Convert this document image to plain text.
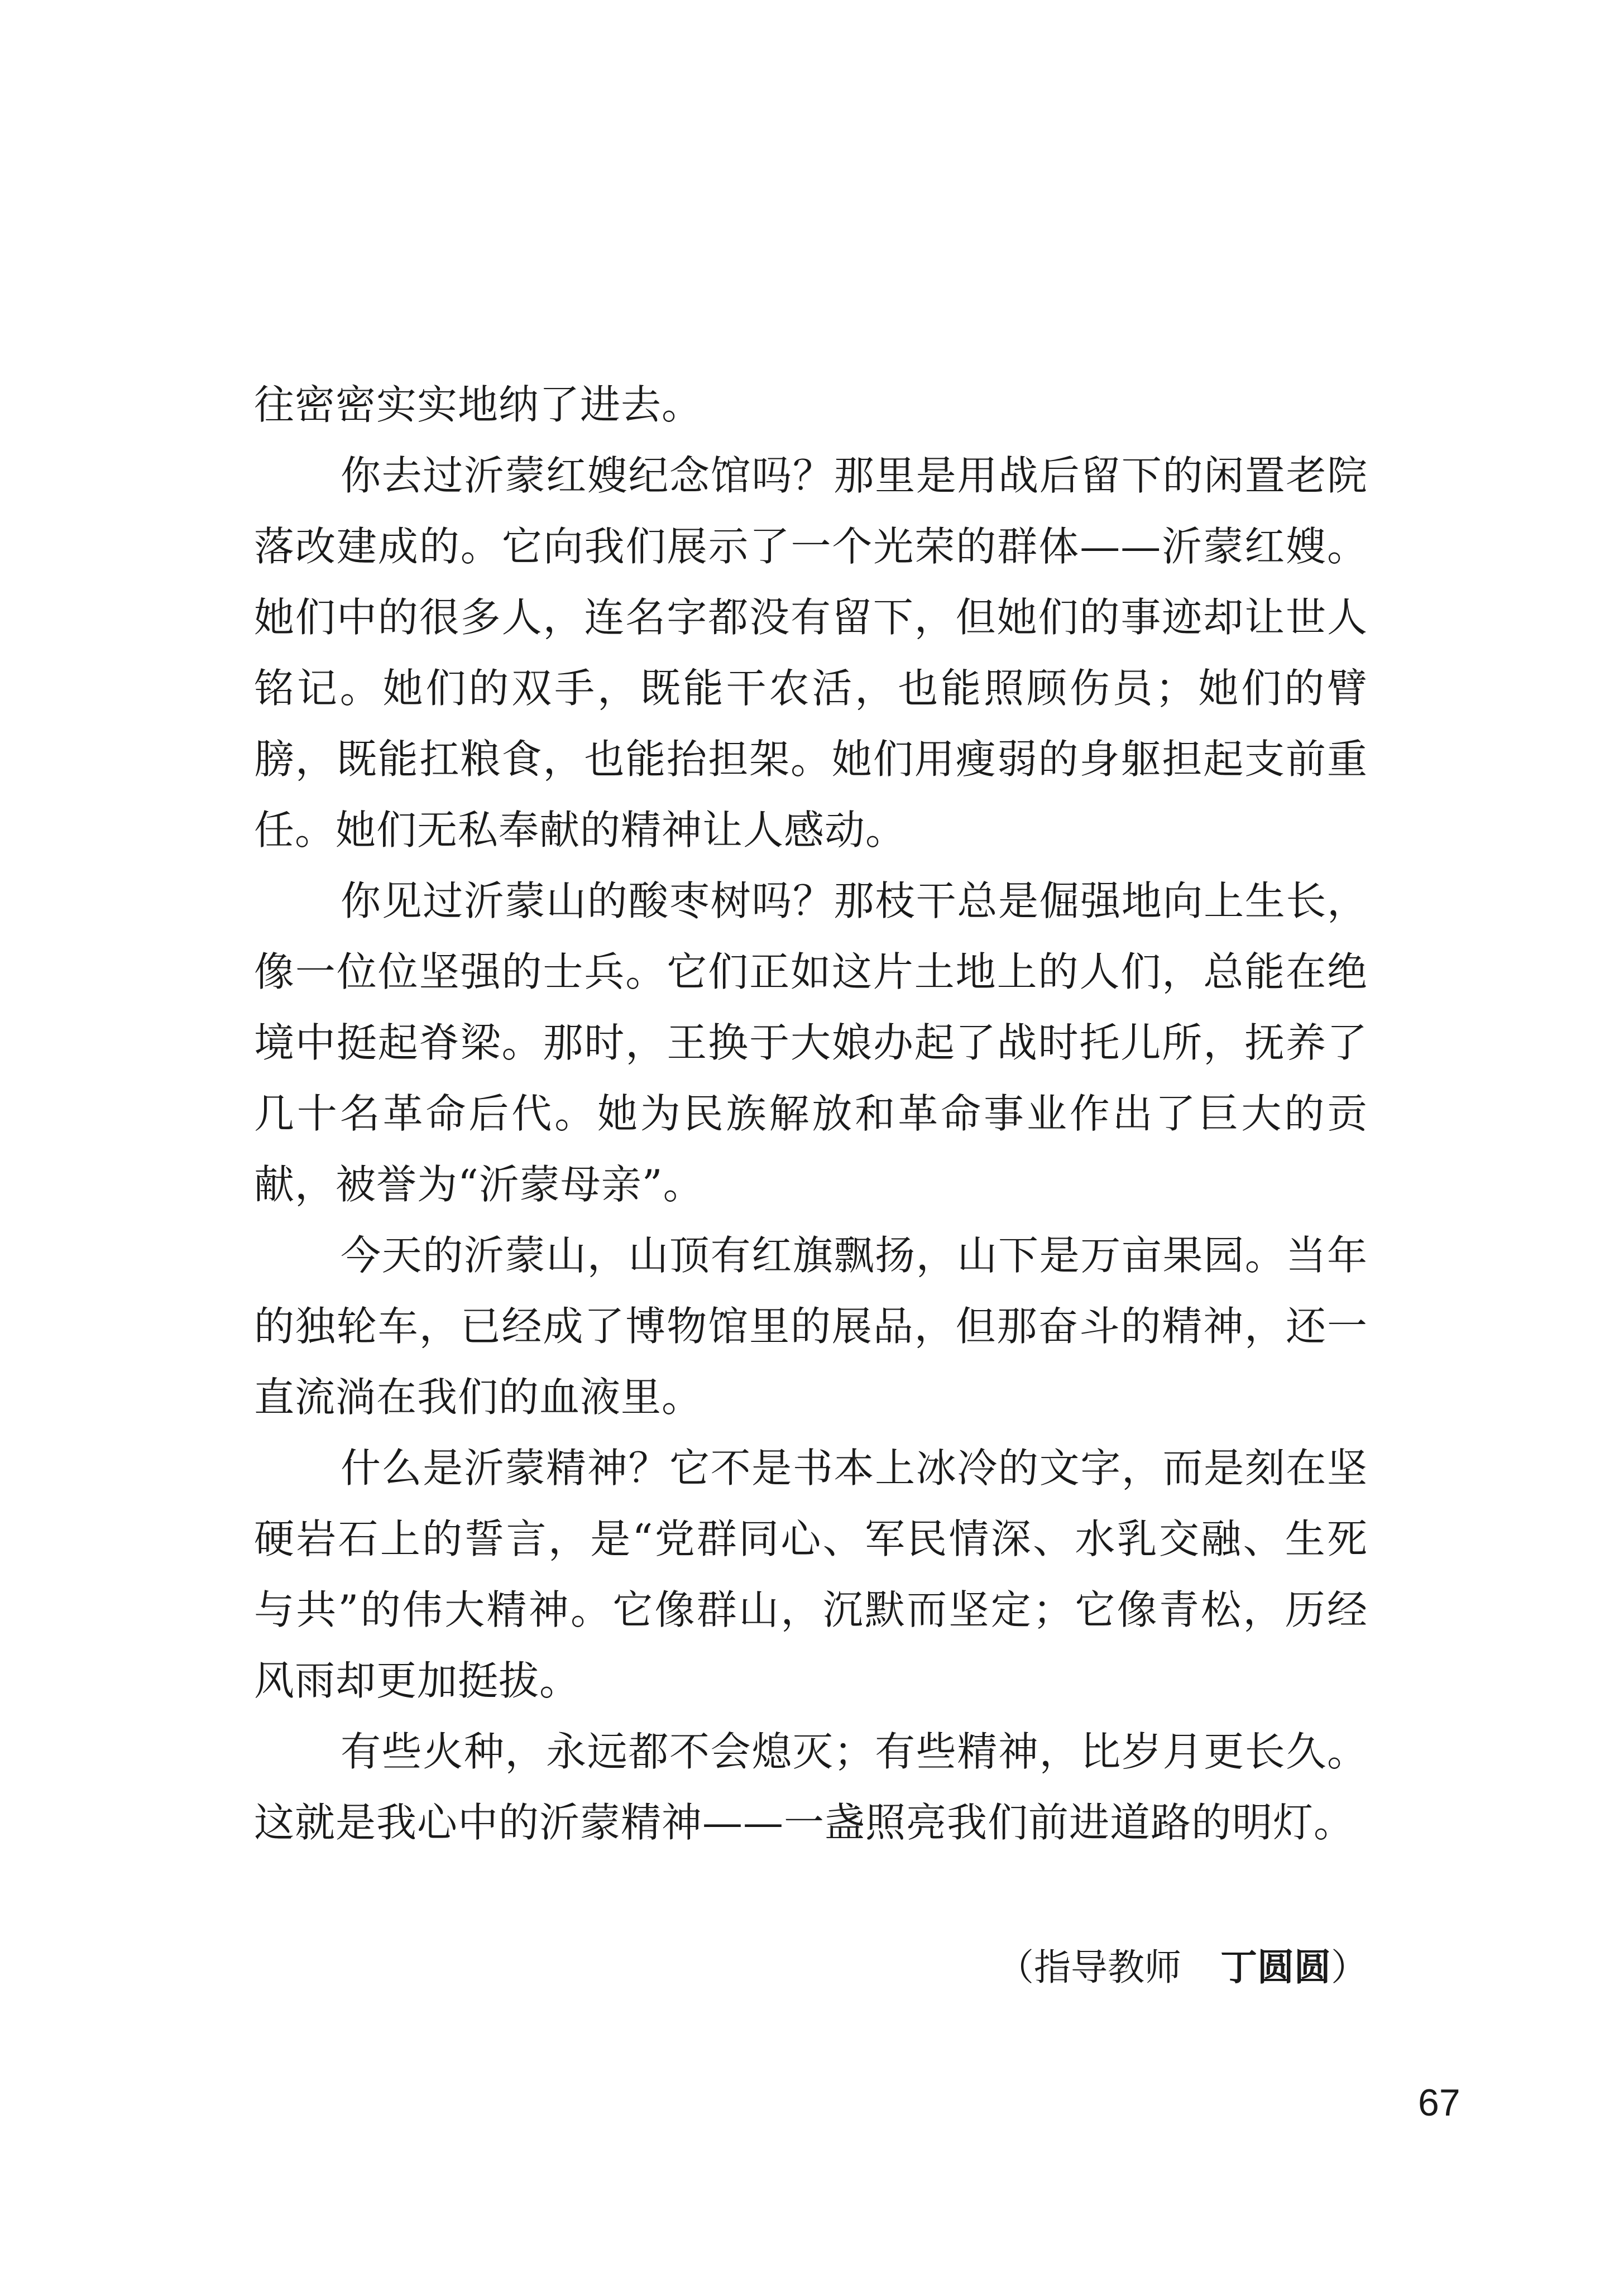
往密密实实地纳了进去。

你去过沂蒙红嫂纪念馆吗？那里是用战后留下的闲置老院落改建成的。它向我们展示了一个光荣的群体——沂蒙红嫂。她们中的很多人，连名字都没有留下，但她们的事迹却让世人铭记。她们的双手，既能干农活，也能照顾伤员；她们的臂膀，既能扛粮食，也能抬担架。她们用瘦弱的身躯担起支前重任。她们无私奉献的精神让人感动。

你见过沂蒙山的酸枣树吗？那枝干总是倔强地向上生长，像一位位坚强的士兵。它们正如这片土地上的人们，总能在绝境中挺起脊梁。那时，王换于大娘办起了战时托儿所，抚养了几十名革命后代。她为民族解放和革命事业作出了巨大的贡献，被誉为“沂蒙母亲”。

今天的沂蒙山，山顶有红旗飘扬，山下是万亩果园。当年的独轮车，已经成了博物馆里的展品，但那奋斗的精神，还一直流淌在我们的血液里。

什么是沂蒙精神？它不是书本上冰冷的文字，而是刻在坚硬岩石上的誓言，是“党群同心、军民情深、水乳交融、生死与共”的伟大精神。它像群山，沉默而坚定；它像青松，历经风雨却更加挺拔。

有些火种，永远都不会熄灭；有些精神，比岁月更长久。这就是我心中的沂蒙精神——一盏照亮我们前进道路的明灯。

（指导教师 丁圆圆）
67
